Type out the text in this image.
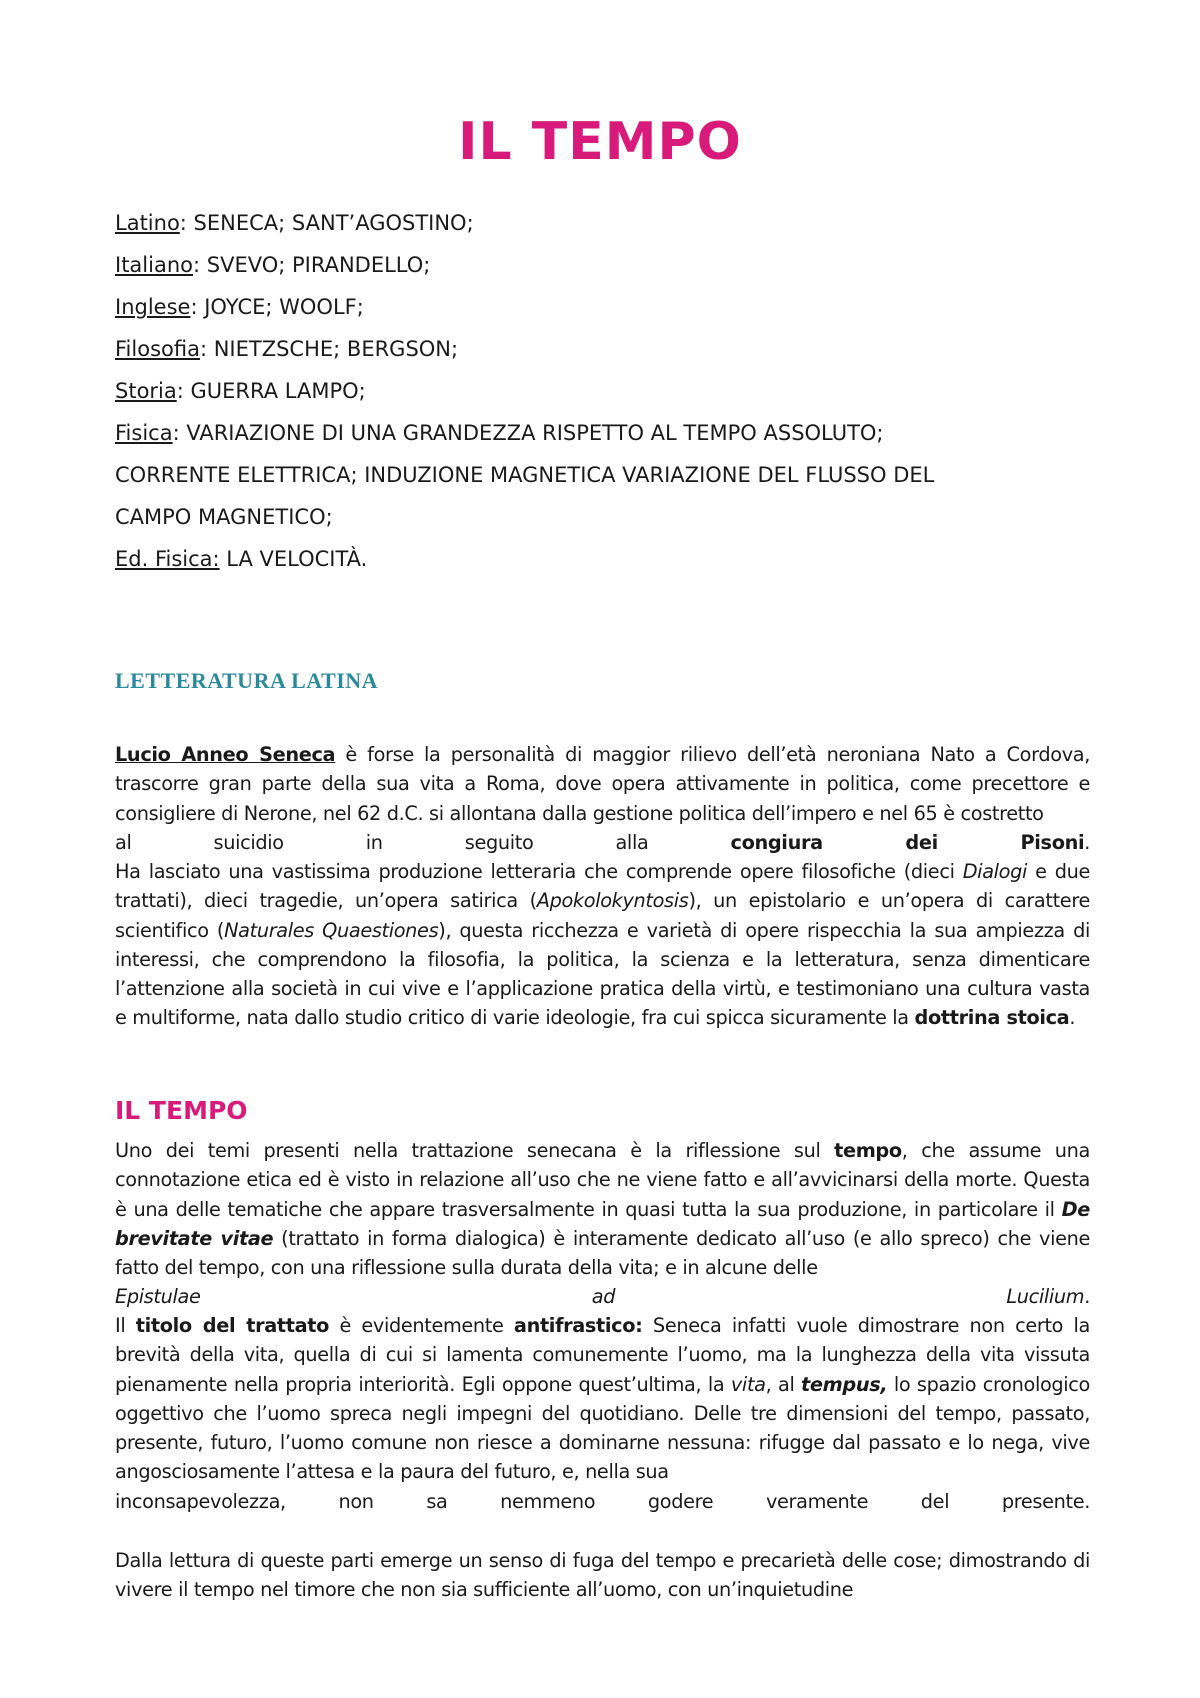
IL TEMPO
Latino: SENECA; SANT’AGOSTINO;
Italiano: SVEVO; PIRANDELLO;
Inglese: JOYCE; WOOLF;
Filosofia: NIETZSCHE; BERGSON;
Storia: GUERRA LAMPO;
Fisica: VARIAZIONE DI UNA GRANDEZZA RISPETTO AL TEMPO ASSOLUTO;
CORRENTE ELETTRICA; INDUZIONE MAGNETICA VARIAZIONE DEL FLUSSO DEL
CAMPO MAGNETICO;
Ed. Fisica: LA VELOCITÀ.
LETTERATURA LATINA

Lucio Anneo Seneca è forse la personalità di maggior rilievo dell’età neroniana Nato a Cordova, trascorre gran parte della sua vita a Roma, dove opera attivamente in politica, come precettore e consigliere di Nerone, nel 62 d.C. si allontana dalla gestione politica dell’impero e nel 65 è costretto
al suicidio in seguito alla congiura dei Pisoni.

Ha lasciato una vastissima produzione letteraria che comprende opere filosofiche (dieci Dialogi e due trattati), dieci tragedie, un’opera satirica (Apokolokyntosis), un epistolario e un’opera di carattere scientifico (Naturales Quaestiones), questa ricchezza e varietà di opere rispecchia la sua ampiezza di interessi, che comprendono la filosofia, la politica, la scienza e la letteratura, senza dimenticare l’attenzione alla società in cui vive e l’applicazione pratica della virtù, e testimoniano una cultura vasta e multiforme, nata dallo studio critico di varie ideologie, fra cui spicca sicuramente la dottrina stoica.

IL TEMPO

Uno dei temi presenti nella trattazione senecana è la riflessione sul tempo, che assume una connotazione etica ed è visto in relazione all’uso che ne viene fatto e all’avvicinarsi della morte. Questa è una delle tematiche che appare trasversalmente in quasi tutta la sua produzione, in particolare il De brevitate vitae (trattato in forma dialogica) è interamente dedicato all’uso (e allo spreco) che viene fatto del tempo, con una riflessione sulla durata della vita; e in alcune delle
Epistulae ad Lucilium.

Il titolo del trattato è evidentemente antifrastico: Seneca infatti vuole dimostrare non certo la brevità della vita, quella di cui si lamenta comunemente l’uomo, ma la lunghezza della vita vissuta pienamente nella propria interiorità. Egli oppone quest’ultima, la vita, al tempus, lo spazio cronologico oggettivo che l’uomo spreca negli impegni del quotidiano. Delle tre dimensioni del tempo, passato, presente, futuro, l’uomo comune non riesce a dominarne nessuna: rifugge dal passato e lo nega, vive angosciosamente l’attesa e la paura del futuro, e, nella sua
inconsapevolezza, non sa nemmeno godere veramente del presente.

Dalla lettura di queste parti emerge un senso di fuga del tempo e precarietà delle cose; dimostrando di vivere il tempo nel timore che non sia sufficiente all’uomo, con un’inquietudine
